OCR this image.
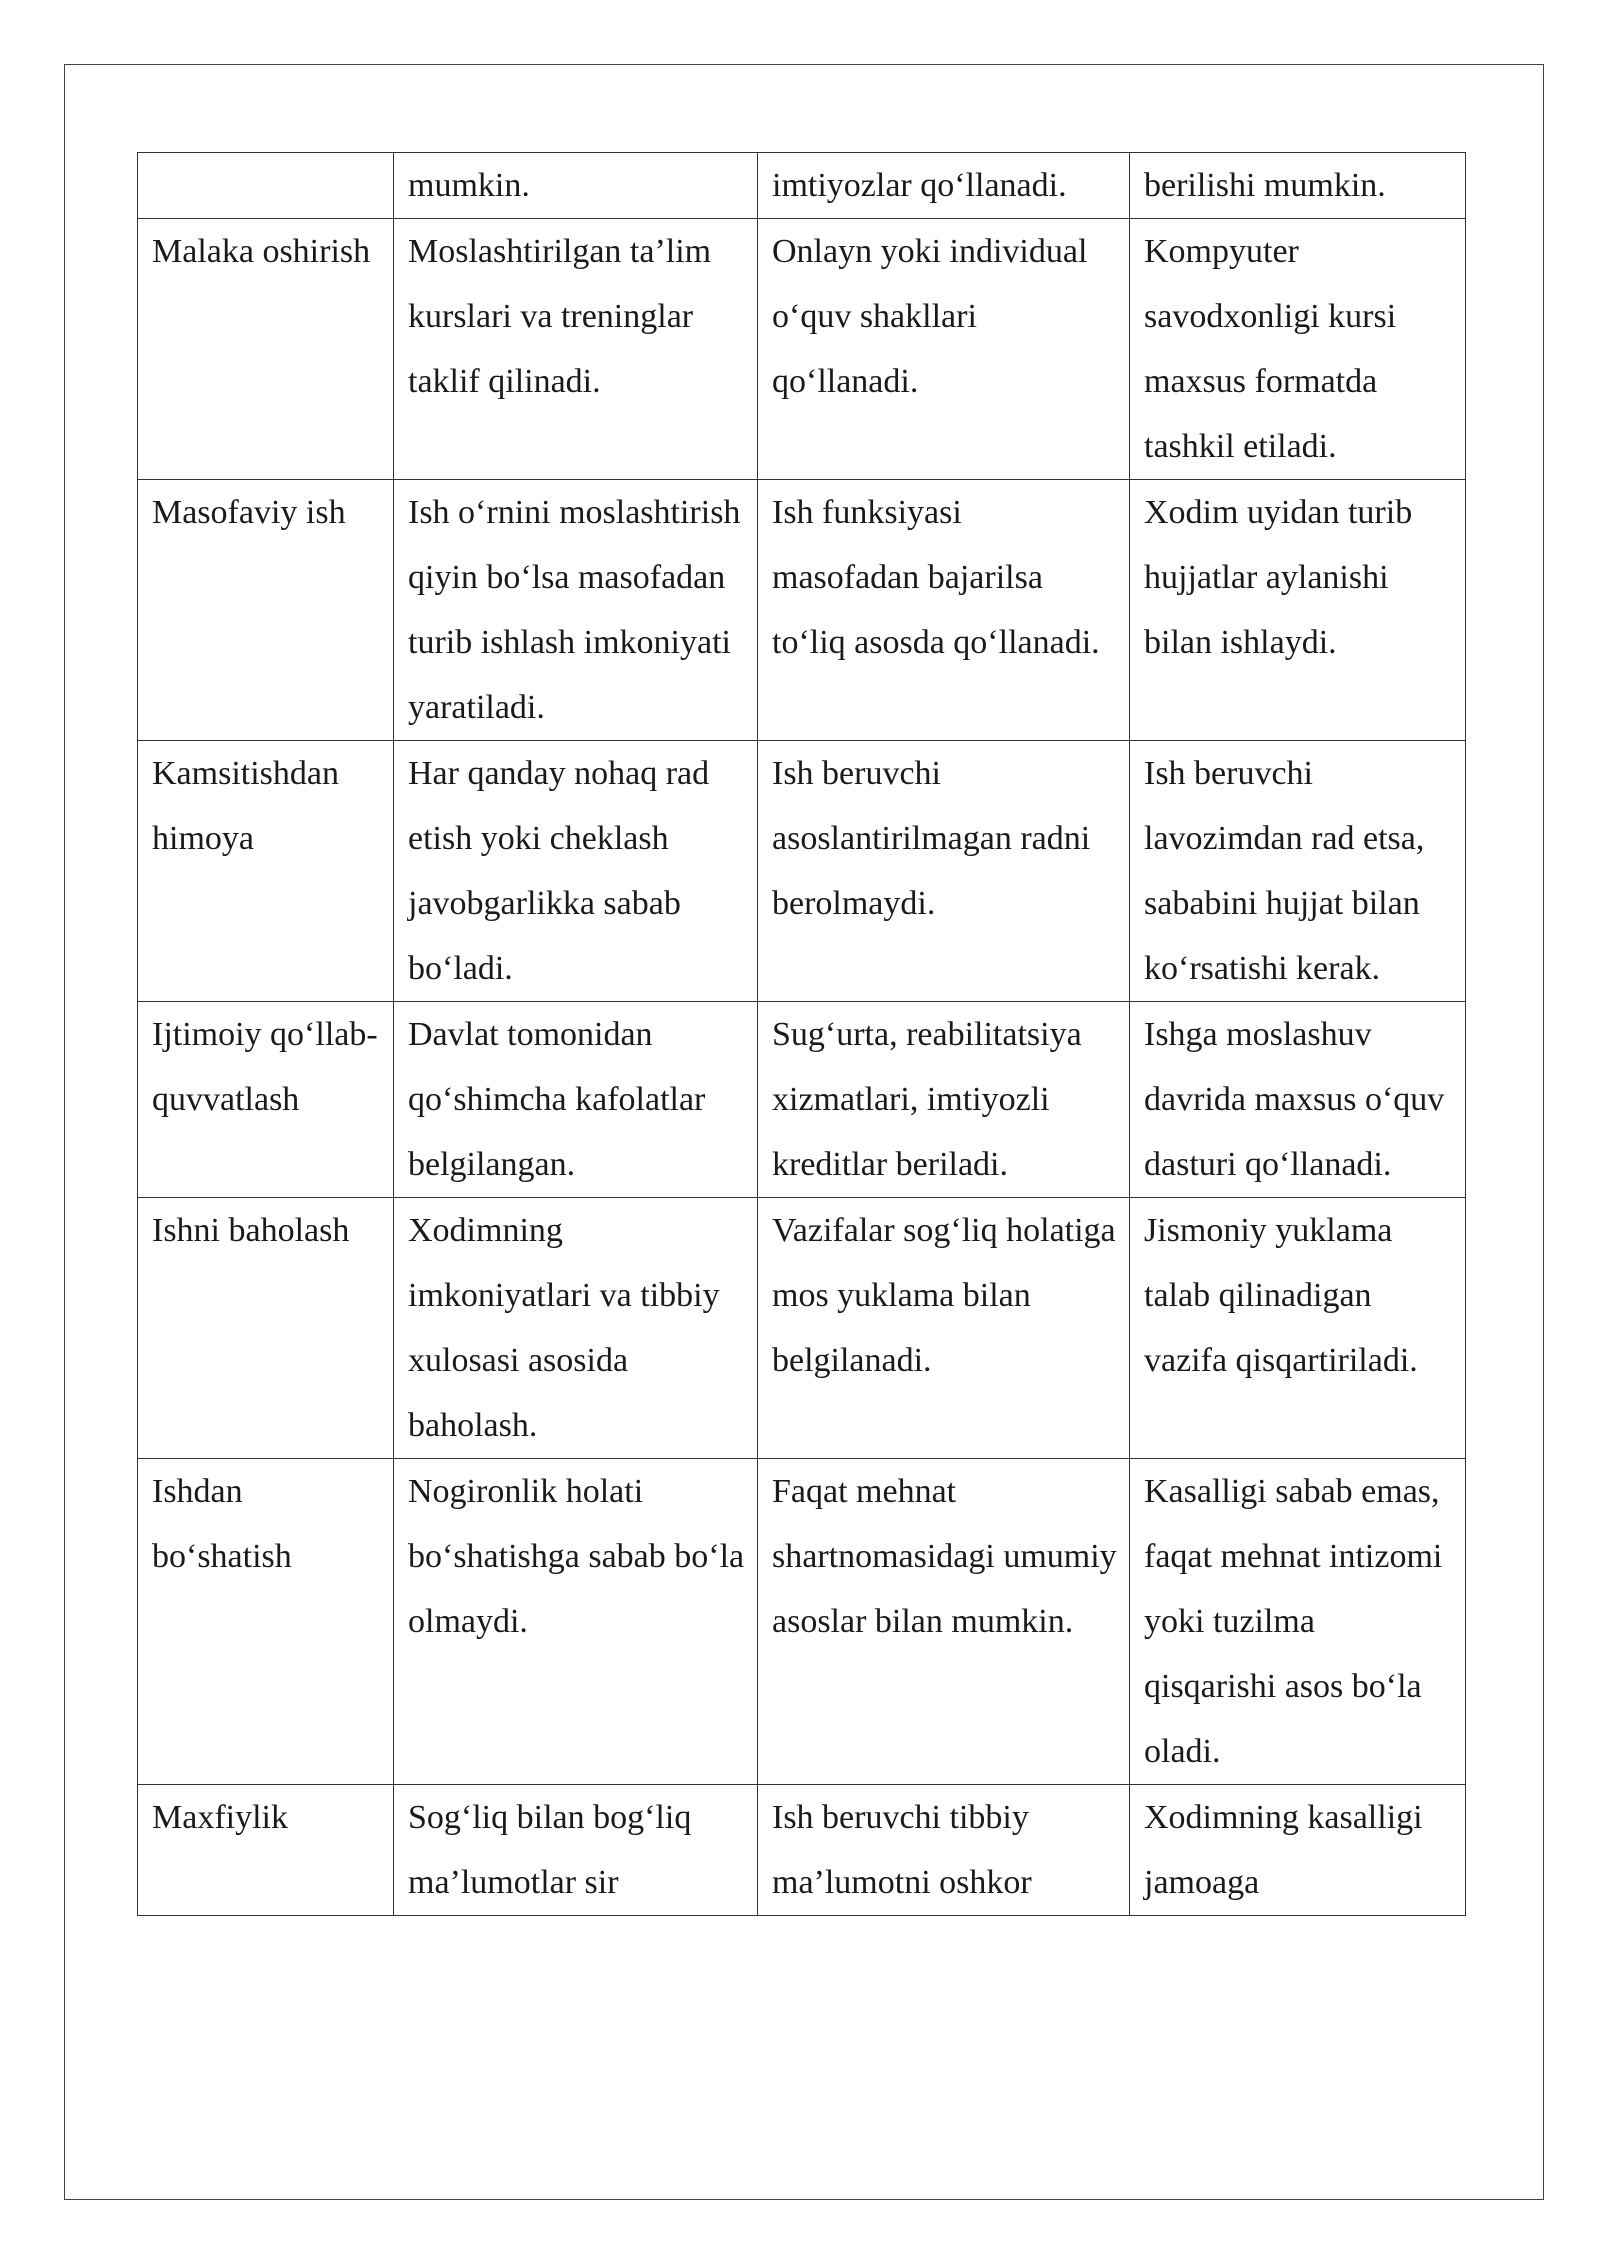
	mumkin.	imtiyozlar qo‘llanadi.	berilishi mumkin.

Malaka oshirish	Moslashtirilgan ta’lim kurslari va treninglar taklif qilinadi.	Onlayn yoki individual o‘quv shakllari qo‘llanadi.	Kompyuter savodxonligi kursi maxsus formatda tashkil etiladi.

Masofaviy ish	Ish o‘rnini moslashtirish qiyin bo‘lsa masofadan turib ishlash imkoniyati yaratiladi.	Ish funksiyasi masofadan bajarilsa to‘liq asosda qo‘llanadi.	Xodim uyidan turib hujjatlar aylanishi bilan ishlaydi.

Kamsitishdan himoya	Har qanday nohaq rad etish yoki cheklash javobgarlikka sabab bo‘ladi.	Ish beruvchi asoslantirilmagan radni berolmaydi.	Ish beruvchi lavozimdan rad etsa, sababini hujjat bilan ko‘rsatishi kerak.

Ijtimoiy qo‘llab-quvvatlash	Davlat tomonidan qo‘shimcha kafolatlar belgilangan.	Sug‘urta, reabilitatsiya xizmatlari, imtiyozli kreditlar beriladi.	Ishga moslashuv davrida maxsus o‘quv dasturi qo‘llanadi.

Ishni baholash	Xodimning imkoniyatlari va tibbiy xulosasi asosida baholash.	Vazifalar sog‘liq holatiga mos yuklama bilan belgilanadi.	Jismoniy yuklama talab qilinadigan vazifa qisqartiriladi.

Ishdan bo‘shatish	Nogironlik holati bo‘shatishga sabab bo‘la olmaydi.	Faqat mehnat shartnomasidagi umumiy asoslar bilan mumkin.	Kasalligi sabab emas, faqat mehnat intizomi yoki tuzilma qisqarishi asos bo‘la oladi.

Maxfiylik	Sog‘liq bilan bog‘liq ma’lumotlar sir	Ish beruvchi tibbiy ma’lumotni oshkor	Xodimning kasalligi jamoaga
